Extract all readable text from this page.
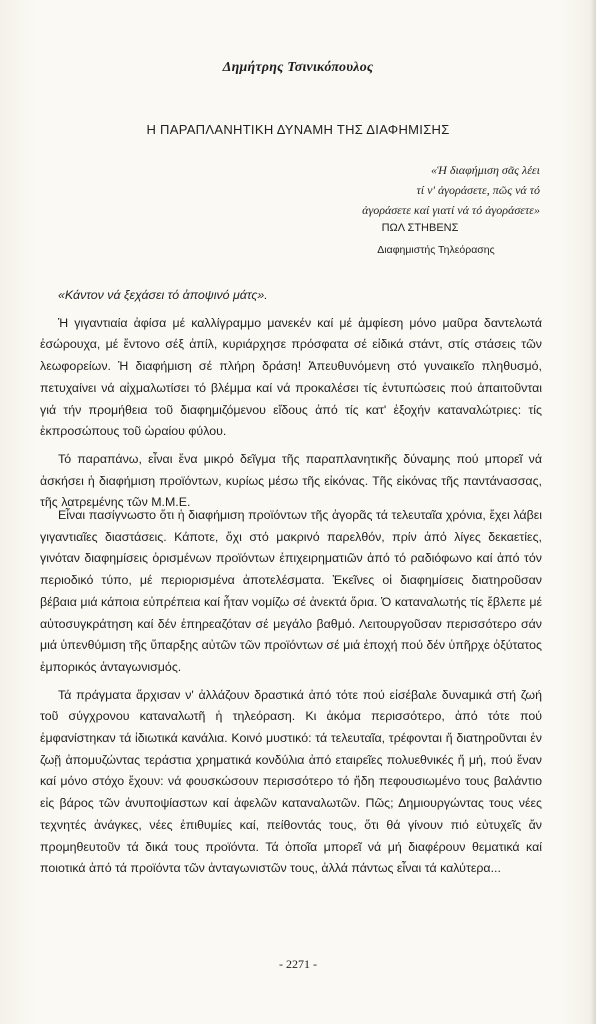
Δημήτρης Τσινικόπουλος
Η ΠΑΡΑΠΛΑΝΗΤΙΚΗ ΔΥΝΑΜΗ ΤΗΣ ΔΙΑΦΗΜΙΣΗΣ
«Ἡ διαφήμιση σᾶς λέει
τί ν' ἀγοράσετε, πῶς νά τό
ἀγοράσετε καί γιατί νά τό ἀγοράσετε»
ΠΩΛ ΣΤΗΒΕΝΣ
Διαφημιστής Τηλεόρασης

«Κάντον νά ξεχάσει τό ἀποψινό μάτς».

Ἡ γιγαντιαία ἀφίσα μέ καλλίγραμμο μανεκέν καί μέ ἀμφίεση μόνο μαῦρα δαντελωτά ἐσώρουχα, μέ ἔντονο σέξ ἀπίλ, κυριάρχησε πρόσφατα σέ εἰδικά στάντ, στίς στάσεις τῶν λεωφορείων. Ἡ διαφήμιση σέ πλήρη δράση! Ἀπευθυνόμενη στό γυναικεῖο πληθυσμό, πετυχαίνει νά αἰχμαλωτίσει τό βλέμμα καί νά προκαλέσει τίς ἐντυπώσεις πού ἀπαιτοῦνται γιά τήν προμήθεια τοῦ διαφημιζόμενου εἴδους ἀπό τίς κατ' ἐξοχήν καταναλώτριες: τίς ἐκπροσώπους τοῦ ὡραίου φύλου.

Τό παραπάνω, εἶναι ἕνα μικρό δεῖγμα τῆς παραπλανητικῆς δύναμης πού μπορεῖ νά ἀσκήσει ἡ διαφήμιση προϊόντων, κυρίως μέσω τῆς εἰκόνας. Τῆς εἰκόνας τῆς παντάνασσας, τῆς λατρεμένης τῶν Μ.Μ.Ε.

Εἶναι πασίγνωστο ὅτι ἡ διαφήμιση προϊόντων τῆς ἀγορᾶς τά τελευταῖα χρόνια, ἔχει λάβει γιγαντιαῖες διαστάσεις. Κάποτε, ὄχι στό μακρινό παρελθόν, πρίν ἀπό λίγες δεκαετίες, γινόταν διαφημίσεις ὁρισμένων προϊόντων ἐπιχειρηματιῶν ἀπό τό ραδιόφωνο καί ἀπό τόν περιοδικό τύπο, μέ περιορισμένα ἀποτελέσματα. Ἐκεῖνες οἱ διαφημίσεις διατηροῦσαν βέβαια μιά κάποια εὐπρέπεια καί ἦταν νομίζω σέ ἀνεκτά ὅρια. Ὁ καταναλωτής τίς ἔβλεπε μέ αὐτοσυγκράτηση καί δέν ἐπηρεαζόταν σέ μεγάλο βαθμό. Λειτουργοῦσαν περισσότερο σάν μιά ὑπενθύμιση τῆς ὕπαρξης αὐτῶν τῶν προϊόντων σέ μιά ἐποχή πού δέν ὑπῆρχε ὀξύτατος ἐμπορικός ἀνταγωνισμός.

Τά πράγματα ἄρχισαν ν' ἀλλάζουν δραστικά ἀπό τότε πού εἰσέβαλε δυναμικά στή ζωή τοῦ σύγχρονου καταναλωτῆ ἡ τηλεόραση. Κι ἀκόμα περισσότερο, ἀπό τότε πού ἐμφανίστηκαν τά ἰδιωτικά κανάλια. Κοινό μυστικό: τά τελευταῖα, τρέφονται ἤ διατηροῦνται ἐν ζωῇ ἀπομυζώντας τεράστια χρηματικά κονδύλια ἀπό εταιρεῖες πολυεθνικές ἤ μή, πού ἕναν καί μόνο στόχο ἔχουν: νά φουσκώσουν περισσότερο τό ἤδη πεφουσιωμένο τους βαλάντιο εἰς βάρος τῶν ἀνυποψίαστων καί ἀφελῶν καταναλωτῶν. Πῶς; Δημιουργώντας τους νέες τεχνητές ἀνάγκες, νέες ἐπιθυμίες καί, πείθοντάς τους, ὅτι θά γίνουν πιό εὐτυχεῖς ἄν προμηθευτοῦν τά δικά τους προϊόντα. Τά ὁποῖα μπορεῖ νά μή διαφέρουν θεματικά καί ποιοτικά ἀπό τά προϊόντα τῶν ἀνταγωνιστῶν τους, ἀλλά πάντως εἶναι τά καλύτερα...

- 2271 -
